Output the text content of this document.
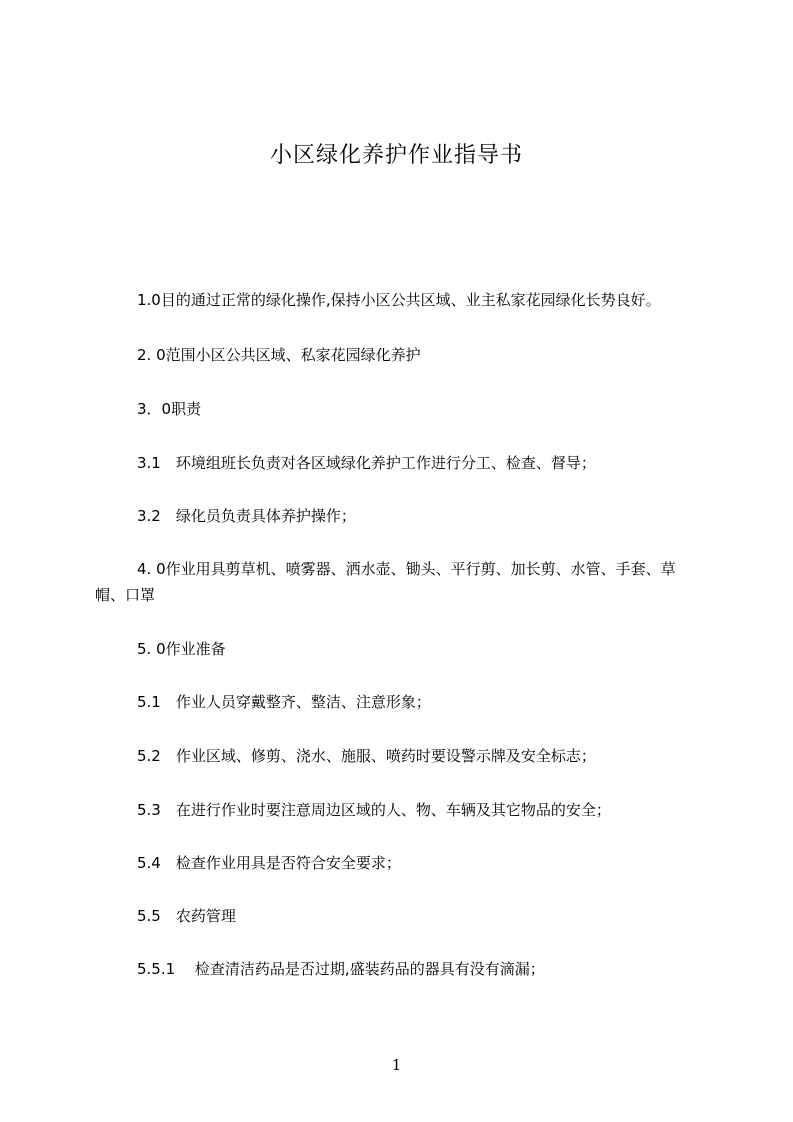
小区绿化养护作业指导书
1.0目的通过正常的绿化操作,保持小区公共区域、业主私家花园绿化长势良好。
2. 0范围小区公共区域、私家花园绿化养护
3．0职责
3.1　环境组班长负责对各区域绿化养护工作进行分工、检查、督导；
3.2　绿化员负责具体养护操作；
4. 0作业用具剪草机、喷雾器、洒水壶、锄头、平行剪、加长剪、水管、手套、草帽、口罩
5. 0作业准备
5.1　作业人员穿戴整齐、整洁、注意形象；
5.2　作业区域、修剪、浇水、施服、喷药时要设警示牌及安全标志；
5.3　在进行作业时要注意周边区域的人、物、车辆及其它物品的安全；
5.4　检查作业用具是否符合安全要求；
5.5　农药管理
5.5.1　 检查清洁药品是否过期,盛装药品的器具有没有滴漏；
1
